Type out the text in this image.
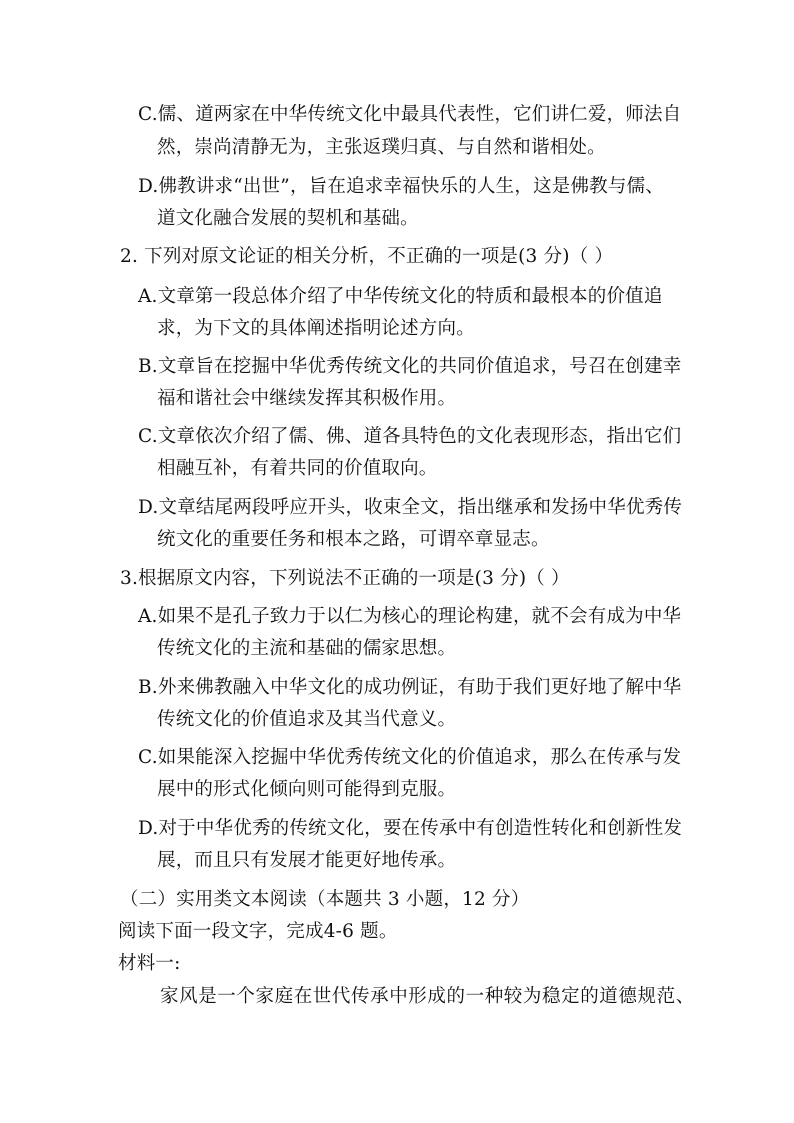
C.儒、道两家在中华传统文化中最具代表性，它们讲仁爱，师法自
然，崇尚清静无为，主张返璞归真、与自然和谐相处。
D.佛教讲求“出世”，旨在追求幸福快乐的人生，这是佛教与儒、
道文化融合发展的契机和基础。
2. 下列对原文论证的相关分析，不正确的一项是(3 分)（ ）
A.文章第一段总体介绍了中华传统文化的特质和最根本的价值追
求，为下文的具体阐述指明论述方向。
B.文章旨在挖掘中华优秀传统文化的共同价值追求，号召在创建幸
福和谐社会中继续发挥其积极作用。
C.文章依次介绍了儒、佛、道各具特色的文化表现形态，指出它们
相融互补，有着共同的价值取向。
D.文章结尾两段呼应开头，收束全文，指出继承和发扬中华优秀传
统文化的重要任务和根本之路，可谓卒章显志。
3.根据原文内容，下列说法不正确的一项是(3 分)（ ）
A.如果不是孔子致力于以仁为核心的理论构建，就不会有成为中华
传统文化的主流和基础的儒家思想。
B.外来佛教融入中华文化的成功例证，有助于我们更好地了解中华
传统文化的价值追求及其当代意义。
C.如果能深入挖掘中华优秀传统文化的价值追求，那么在传承与发
展中的形式化倾向则可能得到克服。
D.对于中华优秀的传统文化，要在传承中有创造性转化和创新性发
展，而且只有发展才能更好地传承。
（二）实用类文本阅读（本题共 3 小题，12 分）
阅读下面一段文字，完成4-6 题。
材料一:
家风是一个家庭在世代传承中形成的一种较为稳定的道德规范、
